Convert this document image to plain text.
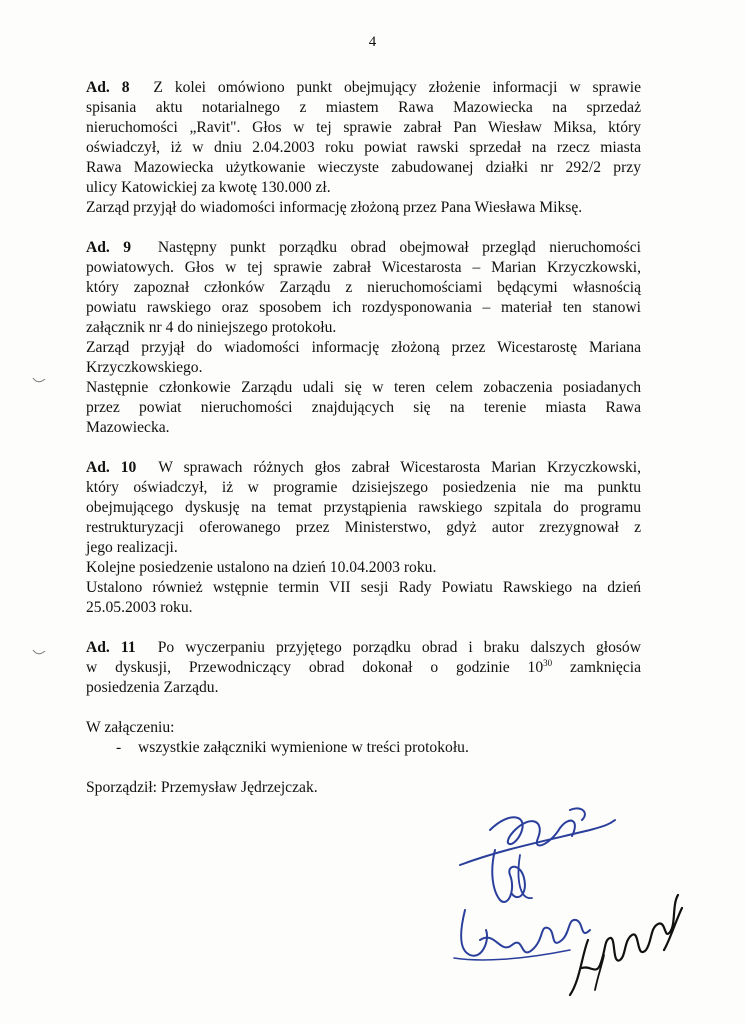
4
Ad. 8 Z kolei omówiono punkt obejmujący złożenie informacji w sprawie
spisania aktu notarialnego z miastem Rawa Mazowiecka na sprzedaż
nieruchomości „Ravit". Głos w tej sprawie zabrał Pan Wiesław Miksa, który
oświadczył, iż w dniu 2.04.2003 roku powiat rawski sprzedał na rzecz miasta
Rawa Mazowiecka użytkowanie wieczyste zabudowanej działki nr 292/2 przy
ulicy Katowickiej za kwotę 130.000 zł.
Zarząd przyjął do wiadomości informację złożoną przez Pana Wiesława Miksę.
Ad. 9 Następny punkt porządku obrad obejmował przegląd nieruchomości
powiatowych. Głos w tej sprawie zabrał Wicestarosta – Marian Krzyczkowski,
który zapoznał członków Zarządu z nieruchomościami będącymi własnością
powiatu rawskiego oraz sposobem ich rozdysponowania – materiał ten stanowi
załącznik nr 4 do niniejszego protokołu.
Zarząd przyjął do wiadomości informację złożoną przez Wicestarostę Mariana
Krzyczkowskiego.
Następnie członkowie Zarządu udali się w teren celem zobaczenia posiadanych
przez powiat nieruchomości znajdujących się na terenie miasta Rawa
Mazowiecka.
Ad. 10 W sprawach różnych głos zabrał Wicestarosta Marian Krzyczkowski,
który oświadczył, iż w programie dzisiejszego posiedzenia nie ma punktu
obejmującego dyskusję na temat przystąpienia rawskiego szpitala do programu
restrukturyzacji oferowanego przez Ministerstwo, gdyż autor zrezygnował z
jego realizacji.
Kolejne posiedzenie ustalono na dzień 10.04.2003 roku.
Ustalono również wstępnie termin VII sesji Rady Powiatu Rawskiego na dzień
25.05.2003 roku.
Ad. 11 Po wyczerpaniu przyjętego porządku obrad i braku dalszych głosów
w dyskusji, Przewodniczący obrad dokonał o godzinie $10^{30}$ zamknięcia
posiedzenia Zarządu.
W załączeniu:
- wszystkie załączniki wymienione w treści protokołu.
Sporządził: Przemysław Jędrzejczak.
